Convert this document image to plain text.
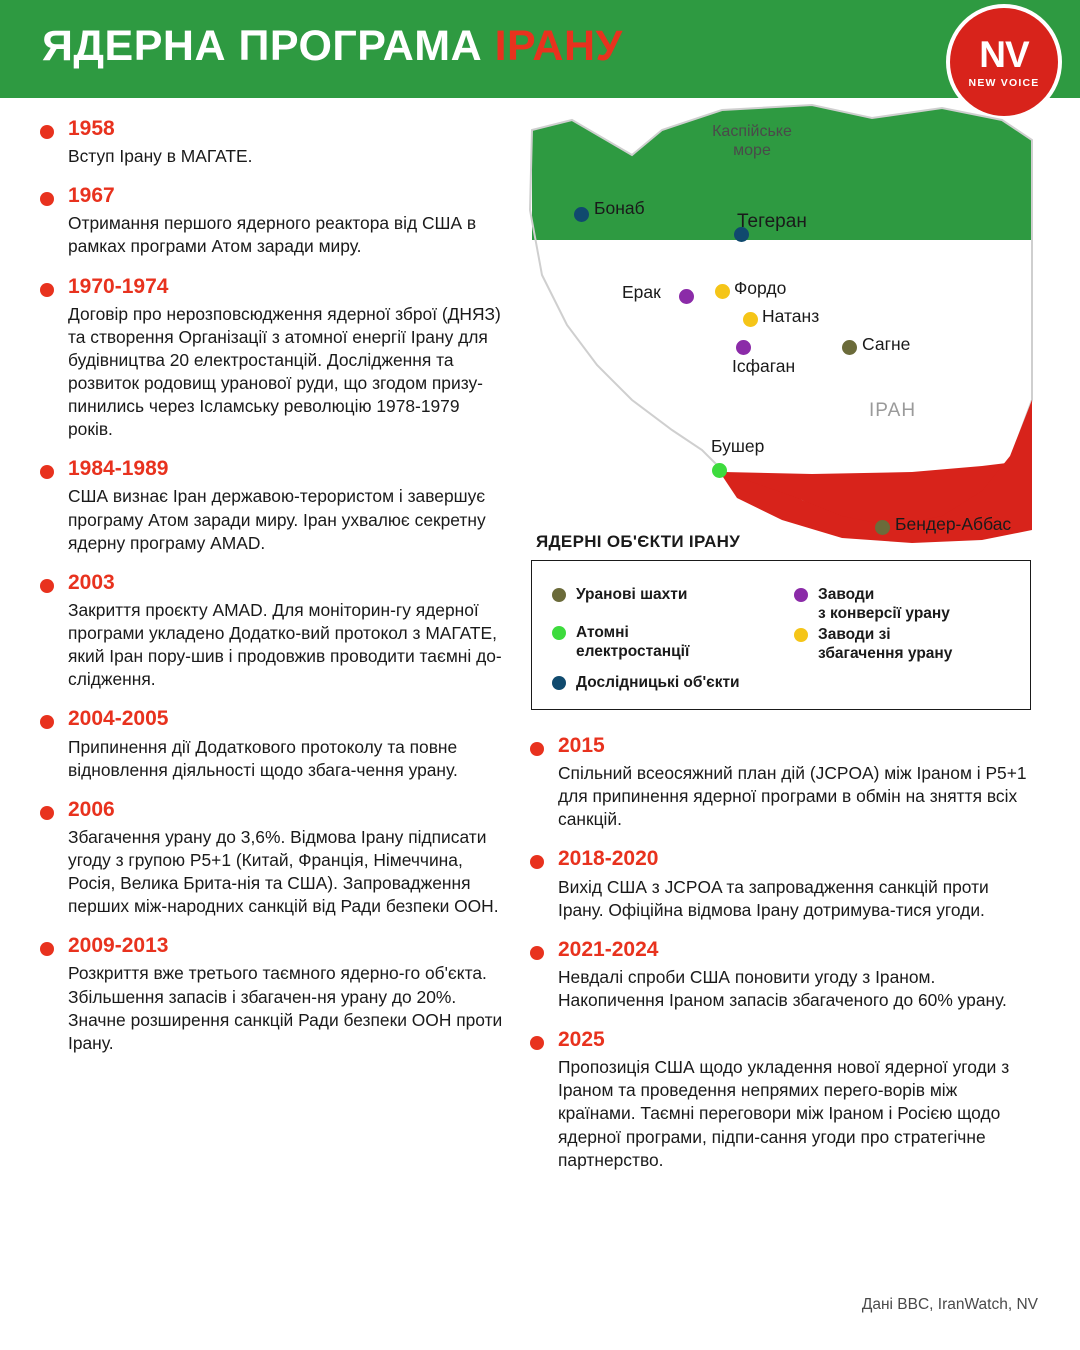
ЯДЕРНА ПРОГРАМА ІРАНУ	NV
NEW VOICE
Каспійське
море
ІРАН
Бонаб
Тегеран
Ерак	Фордо
Натанз
Ісфаган
Сагне
Бушер
Бендер-Аббас
ЯДЕРНІ ОБ'ЄКТИ ІРАНУ
Уранові шахти	Заводи
з конверсії урану
Атомні
електростанції
Заводи зі
збагачення урану
Дослідницькі об'єкти
1958
Вступ Ірану в МАГАТЕ.
1967
Отримання першого ядерного реактора від США в рамках програми Атом заради миру.
1970-1974
Договір про нерозповсюдження ядерної зброї (ДНЯЗ) та створення Організації з атомної енергії Ірану для будівництва 20 електростанцій. Дослідження та розвиток родовищ уранової руди, що згодом призу-пинились через Ісламську революцію 1978-1979 років.
1984-1989
США визнає Іран державою-терористом і завершує програму Атом заради миру. Іран ухвалює секретну ядерну програму AMAD.
2003
Закриття проєкту AMAD. Для моніторин-гу ядерної програми укладено Додатко-вий протокол з МАГАТЕ, який Іран пору-шив і продовжив проводити таємні до-слідження.
2004-2005
Припинення дії Додаткового протоколу та повне відновлення діяльності щодо збага-чення урану.
2006
Збагачення урану до 3,6%. Відмова Ірану підписати угоду з групою Р5+1 (Китай, Франція, Німеччина, Росія, Велика Брита-нія та США). Запровадження перших між-народних санкцій від Ради безпеки ООН.
2009-2013
Розкриття вже третього таємного ядерно-го об'єкта. Збільшення запасів і збагачен-ня урану до 20%. Значне розширення санкцій Ради безпеки ООН проти Ірану.
2015
Спільний всеосяжний план дій (JCPOA) між Іраном і Р5+1 для припинення ядерної програми в обмін на зняття всіх санкцій.
2018-2020
Вихід США з JCPOA та запровадження санкцій проти Ірану. Офіційна відмова Ірану дотримува-тися угоди.
2021-2024
Невдалі спроби США поновити угоду з Іраном. Накопичення Іраном запасів збагаченого до 60% урану.
2025
Пропозиція США щодо укладення нової ядерної угоди з Іраном та проведення непрямих перего-ворів між країнами. Таємні переговори між Іраном і Росією щодо ядерної програми, підпи-сання угоди про стратегічне партнерство.
Дані BBC, IranWatch, NV
